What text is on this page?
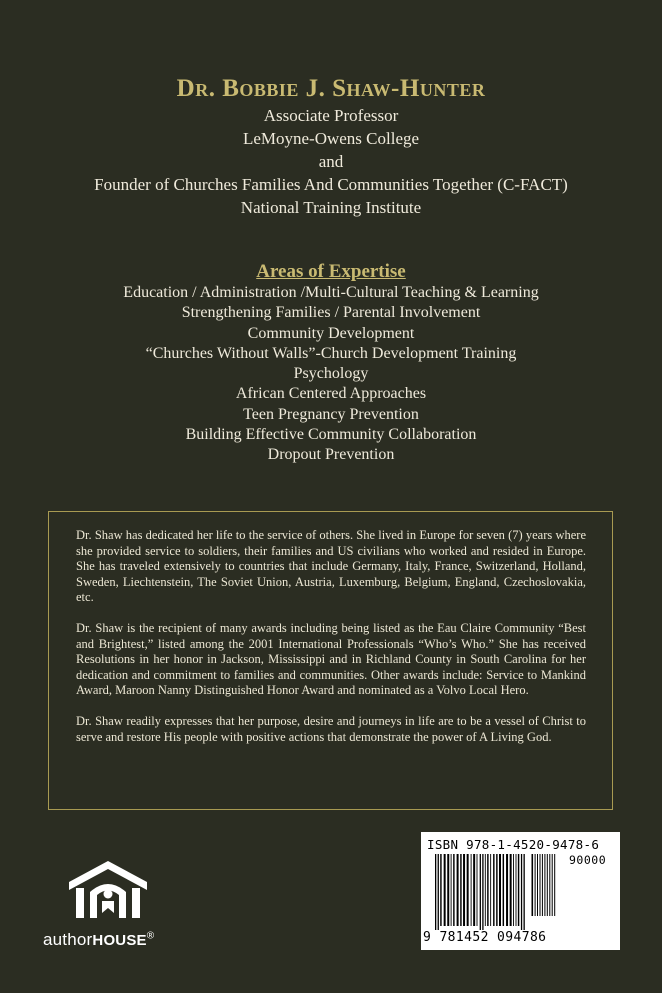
Dr. Bobbie J. Shaw-Hunter
Associate Professor
LeMoyne-Owens College
and
Founder of Churches Families And Communities Together (C-FACT)
National Training Institute
Areas of Expertise
Education / Administration /Multi-Cultural Teaching & Learning
Strengthening Families / Parental Involvement
Community Development
“Churches Without Walls”-Church Development Training
Psychology
African Centered Approaches
Teen Pregnancy Prevention
Building Effective Community Collaboration
Dropout Prevention

Dr. Shaw has dedicated her life to the service of others. She lived in Europe for seven (7) years where she provided service to soldiers, their families and US civilians who worked and resided in Europe. She has traveled extensively to countries that include Germany, Italy, France, Switzerland, Holland, Sweden, Liechtenstein, The Soviet Union, Austria, Luxemburg, Belgium, England, Czechoslovakia, etc.

Dr. Shaw is the recipient of many awards including being listed as the Eau Claire Community “Best and Brightest,” listed among the 2001 International Professionals “Who’s Who.” She has received Resolutions in her honor in Jackson, Mississippi and in Richland County in South Carolina for her dedication and commitment to families and communities. Other awards include: Service to Mankind Award, Maroon Nanny Distinguished Honor Award and nominated as a Volvo Local Hero.

Dr. Shaw readily expresses that her purpose, desire and journeys in life are to be a vessel of Christ to serve and restore His people with positive actions that demonstrate the power of A Living God.

authorHOUSE®
ISBN 978-1-4520-9478-6
90000
9 781452 094786
